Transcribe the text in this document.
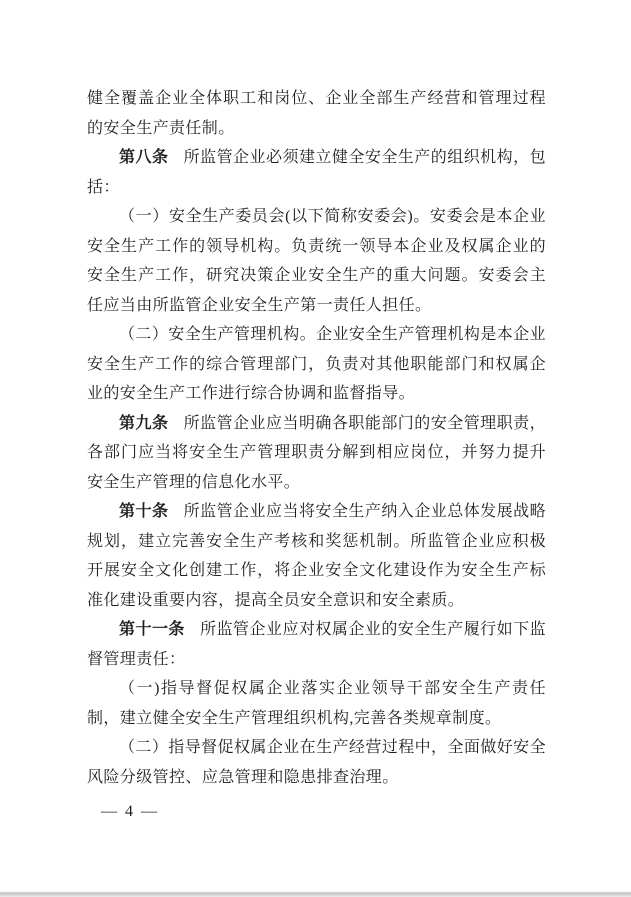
健全覆盖企业全体职工和岗位、企业全部生产经营和管理过程的安全生产责任制。

第八条 所监管企业必须建立健全安全生产的组织机构，包括：

（一）安全生产委员会(以下简称安委会)。安委会是本企业安全生产工作的领导机构。负责统一领导本企业及权属企业的安全生产工作，研究决策企业安全生产的重大问题。安委会主任应当由所监管企业安全生产第一责任人担任。

（二）安全生产管理机构。企业安全生产管理机构是本企业安全生产工作的综合管理部门，负责对其他职能部门和权属企业的安全生产工作进行综合协调和监督指导。

第九条 所监管企业应当明确各职能部门的安全管理职责，各部门应当将安全生产管理职责分解到相应岗位，并努力提升安全生产管理的信息化水平。

第十条 所监管企业应当将安全生产纳入企业总体发展战略规划，建立完善安全生产考核和奖惩机制。所监管企业应积极开展安全文化创建工作，将企业安全文化建设作为安全生产标准化建设重要内容，提高全员安全意识和安全素质。

第十一条 所监管企业应对权属企业的安全生产履行如下监督管理责任：

（一)指导督促权属企业落实企业领导干部安全生产责任制，建立健全安全生产管理组织机构,完善各类规章制度。

（二）指导督促权属企业在生产经营过程中，全面做好安全风险分级管控、应急管理和隐患排查治理。

— 4 —
